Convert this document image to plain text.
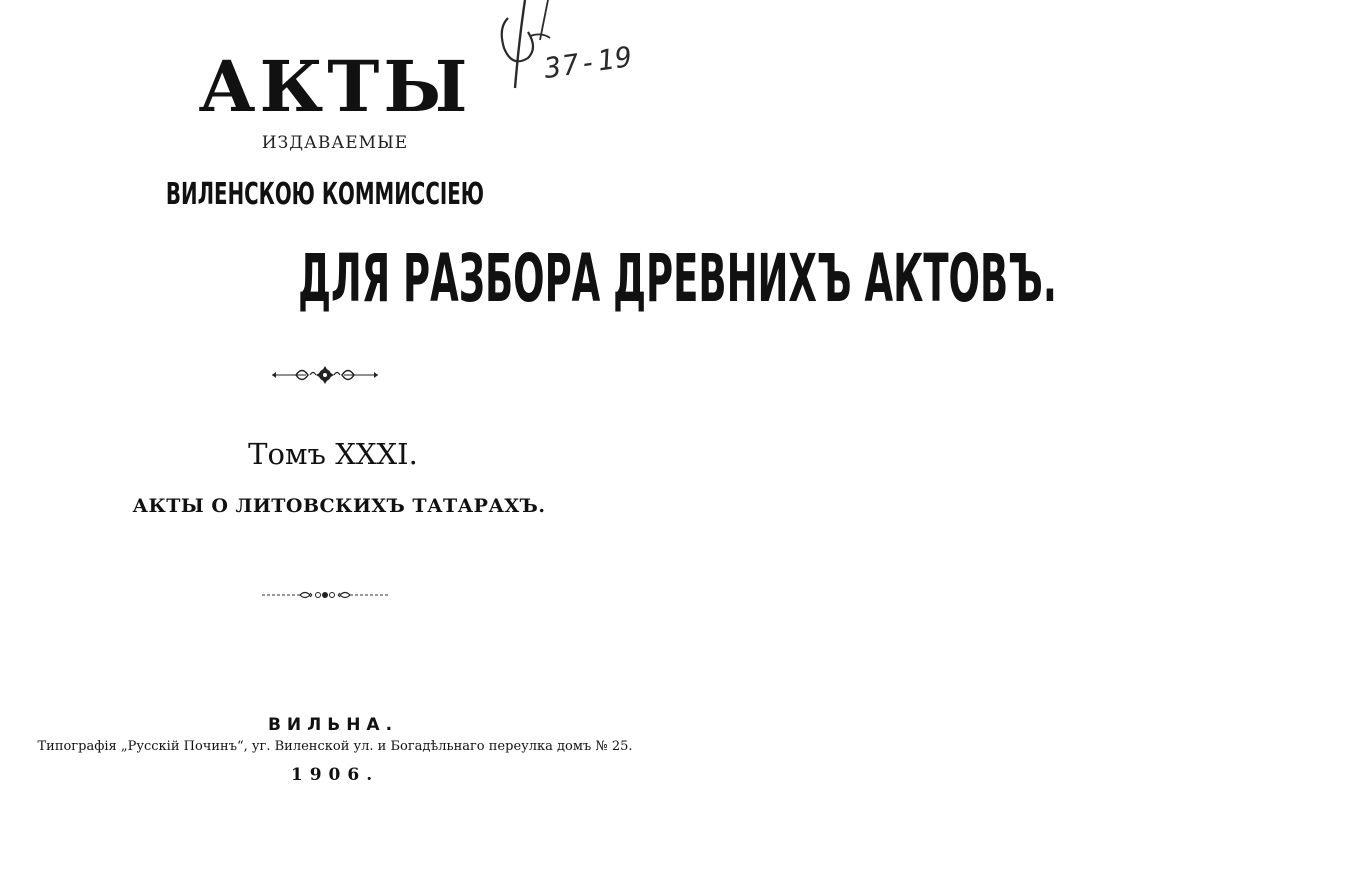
АКТЫ
ИЗДАВАЕМЫЕ
ВИЛЕНСКОЮ КОММИССІЕЮ
ДЛЯ РАЗБОРА ДРЕВНИХЪ АКТОВЪ.
Томъ XXXI.
АКТЫ О ЛИТОВСКИХЪ ТАТАРАХЪ.
ВИЛЬНА.
Типографія „Русскій Починъ“, уг. Виленской ул. и Богадѣльнаго переулка домъ № 25.
1906.
37-19
